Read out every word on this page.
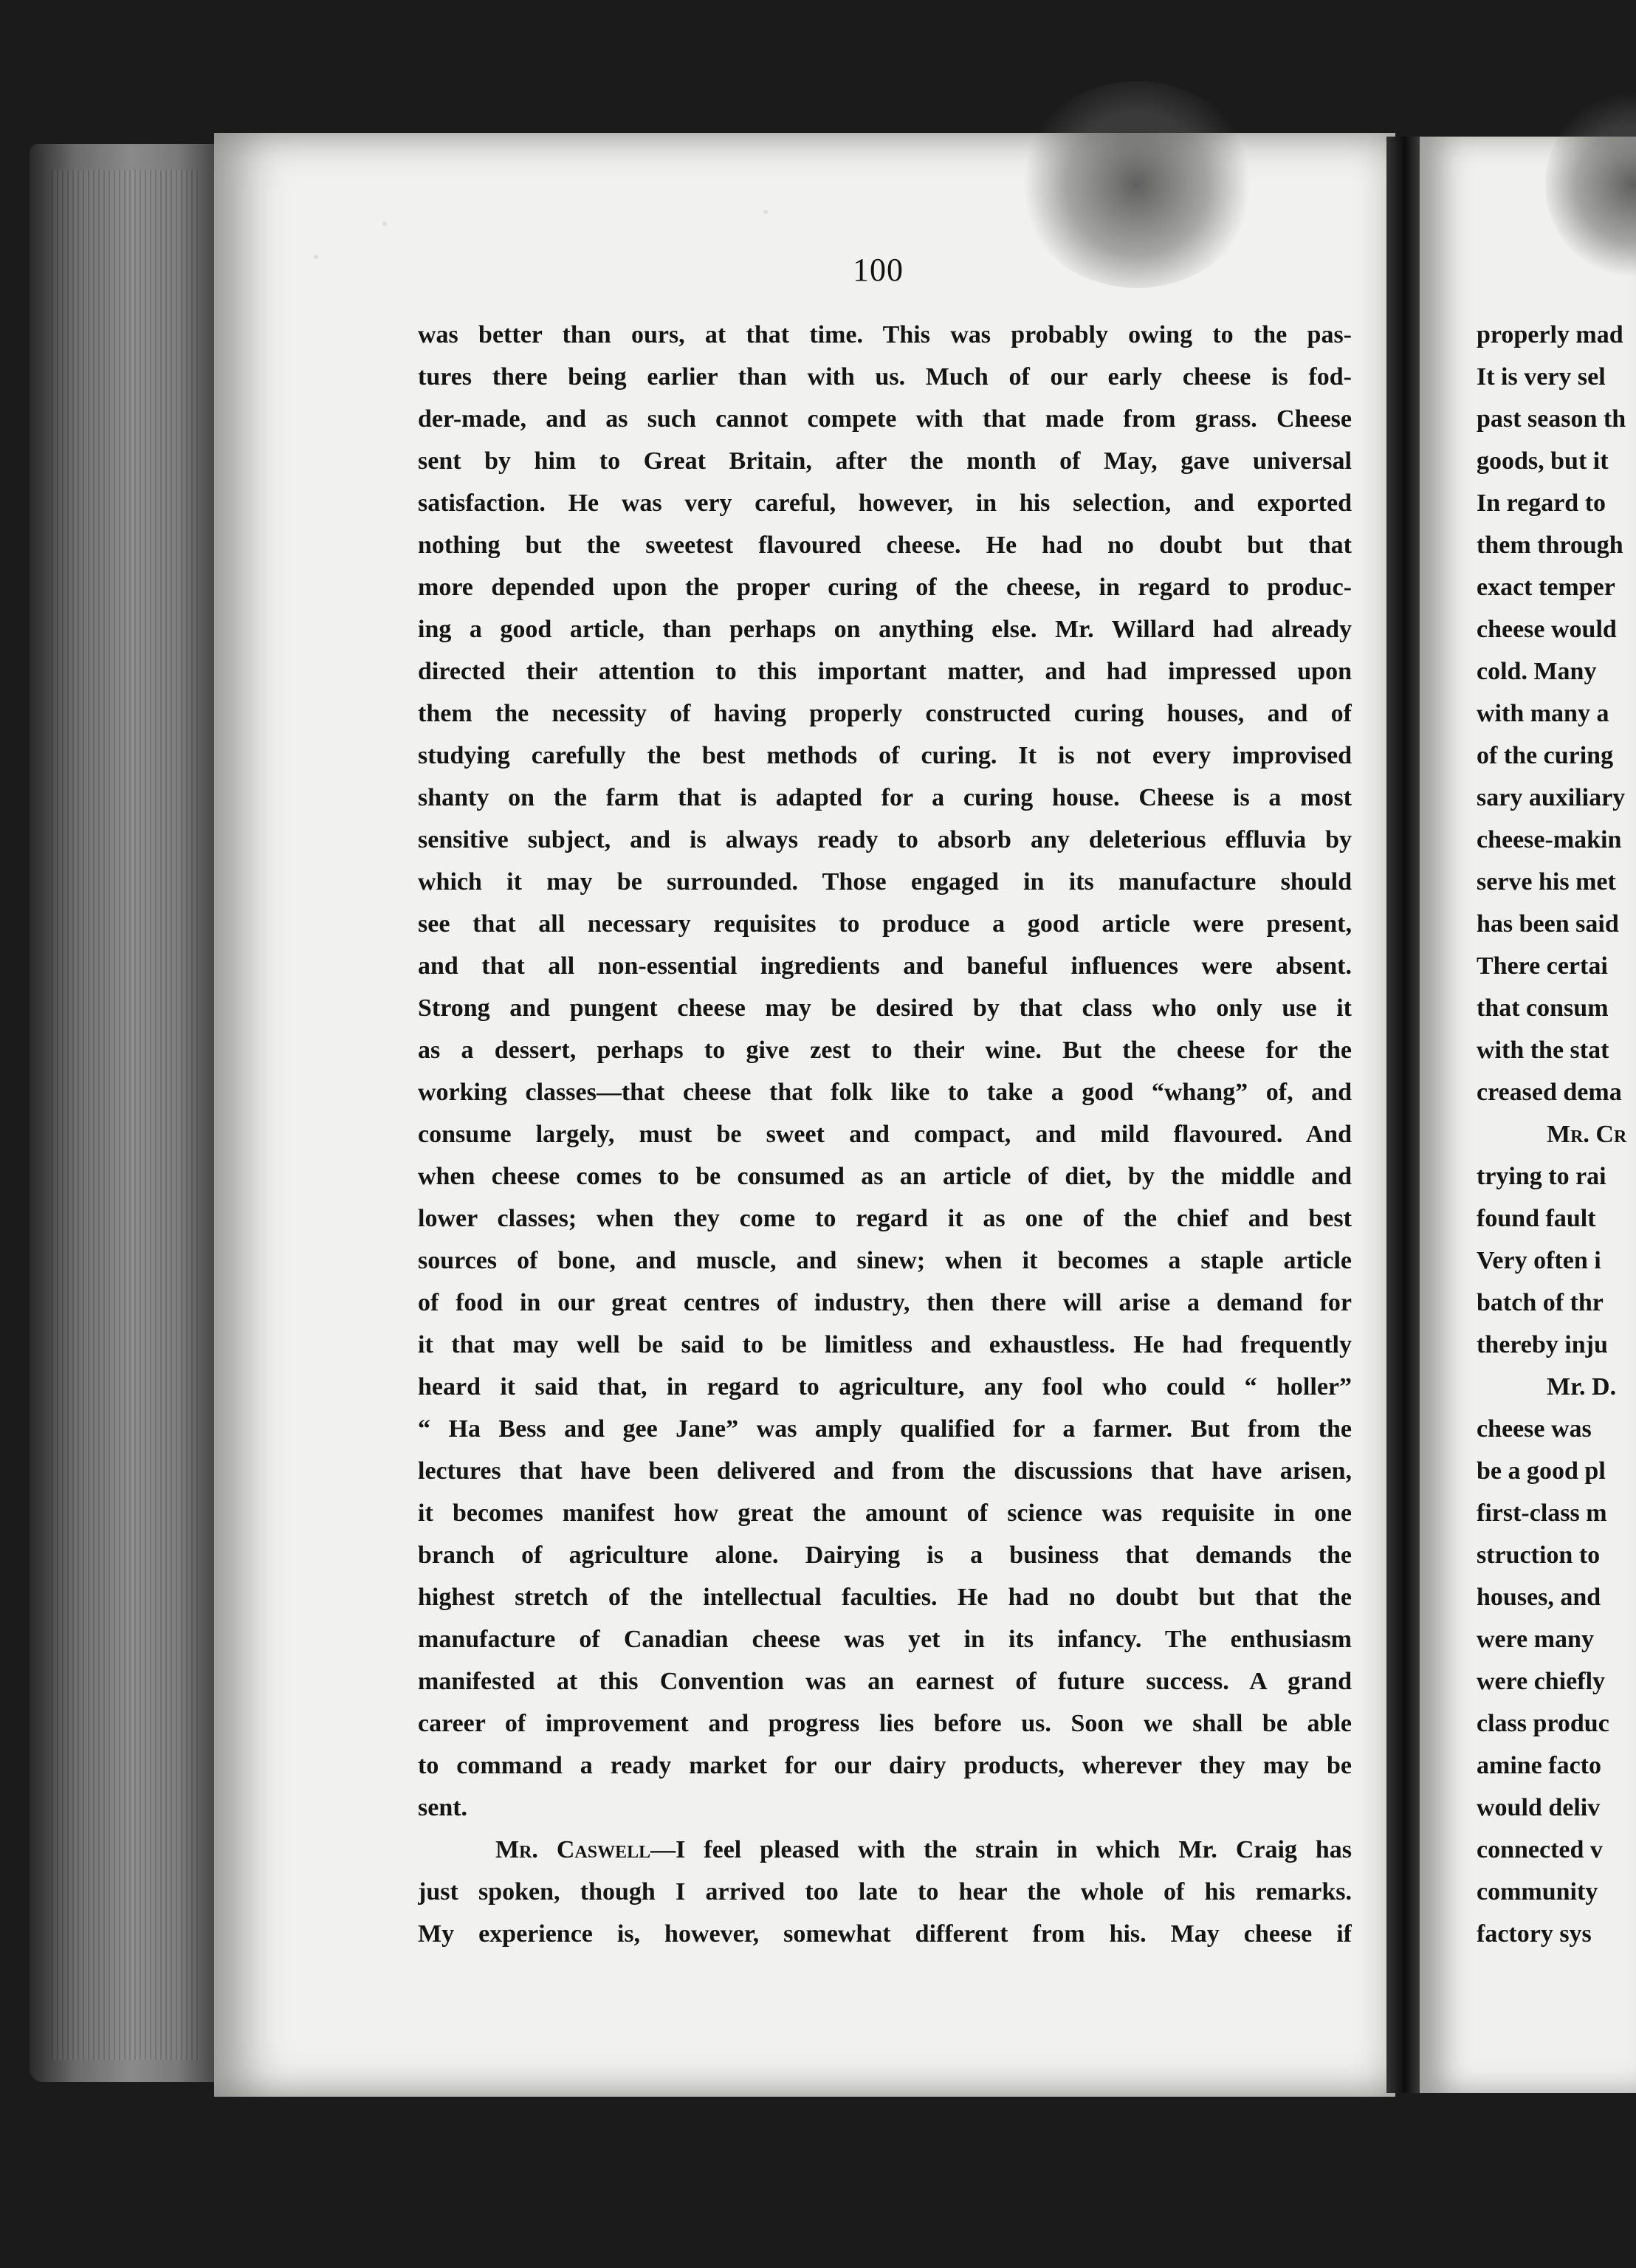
100
was better than ours, at that time. This was probably owing to the pas-
tures there being earlier than with us. Much of our early cheese is fod-
der-made, and as such cannot compete with that made from grass. Cheese
sent by him to Great Britain, after the month of May, gave universal
satisfaction. He was very careful, however, in his selection, and exported
nothing but the sweetest flavoured cheese. He had no doubt but that
more depended upon the proper curing of the cheese, in regard to produc-
ing a good article, than perhaps on anything else. Mr. Willard had already
directed their attention to this important matter, and had impressed upon
them the necessity of having properly constructed curing houses, and of
studying carefully the best methods of curing. It is not every improvised
shanty on the farm that is adapted for a curing house. Cheese is a most
sensitive subject, and is always ready to absorb any deleterious effluvia by
which it may be surrounded. Those engaged in its manufacture should
see that all necessary requisites to produce a good article were present,
and that all non-essential ingredients and baneful influences were absent.
Strong and pungent cheese may be desired by that class who only use it
as a dessert, perhaps to give zest to their wine. But the cheese for the
working classes—that cheese that folk like to take a good “whang” of, and
consume largely, must be sweet and compact, and mild flavoured. And
when cheese comes to be consumed as an article of diet, by the middle and
lower classes; when they come to regard it as one of the chief and best
sources of bone, and muscle, and sinew; when it becomes a staple article
of food in our great centres of industry, then there will arise a demand for
it that may well be said to be limitless and exhaustless. He had frequently
heard it said that, in regard to agriculture, any fool who could “ holler”
“ Ha Bess and gee Jane” was amply qualified for a farmer. But from the
lectures that have been delivered and from the discussions that have arisen,
it becomes manifest how great the amount of science was requisite in one
branch of agriculture alone. Dairying is a business that demands the
highest stretch of the intellectual faculties. He had no doubt but that the
manufacture of Canadian cheese was yet in its infancy. The enthusiasm
manifested at this Convention was an earnest of future success. A grand
career of improvement and progress lies before us. Soon we shall be able
to command a ready market for our dairy products, wherever they may be
sent.
Mr. Caswell—I feel pleased with the strain in which Mr. Craig has
just spoken, though I arrived too late to hear the whole of his remarks.
My experience is, however, somewhat different from his. May cheese if
properly mad
It is very sel
past season th
goods, but it
In regard to
them through
exact temper
cheese would
cold. Many
with many a
of the curing
sary auxiliary
cheese-makin
serve his met
has been said
There certai
that consum
with the stat
creased dema
Mr. Cr
trying to rai
found fault
Very often i
batch of thr
thereby inju
Mr. D.
cheese was
be a good pl
first-class m
struction to
houses, and
were many
were chiefly
class produc
amine facto
would deliv
connected v
community
factory sys
